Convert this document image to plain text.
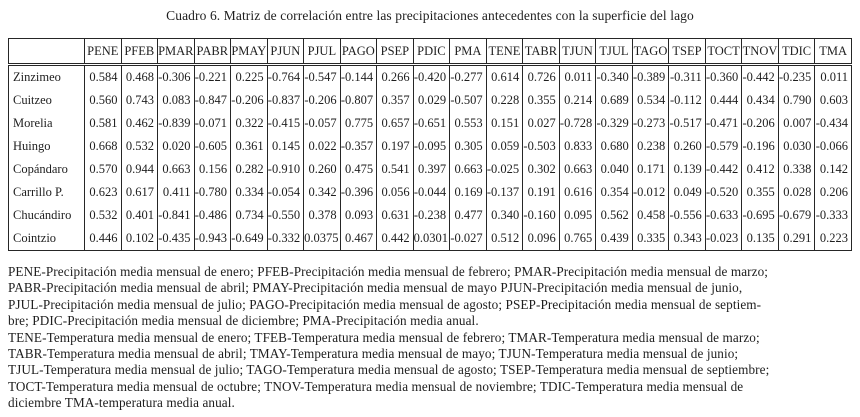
Cuadro 6. Matriz de correlación entre las precipitaciones antecedentes con la superficie del lago
	PENE	PFEB	PMAR	PABR	PMAY	PJUN	PJUL	PAGO	PSEP	PDIC	PMA	TENE	TABR	TJUN	TJUL	TAGO	TSEP	TOCT	TNOV	TDIC	TMA
Zinzimeo	0.584	0.468	-0.306	-0.221	0.225	-0.764	-0.547	-0.144	0.266	-0.420	-0.277	0.614	0.726	0.011	-0.340	-0.389	-0.311	-0.360	-0.442	-0.235	0.011
Cuitzeo	0.560	0.743	0.083	-0.847	-0.206	-0.837	-0.206	-0.807	0.357	0.029	-0.507	0.228	0.355	0.214	0.689	0.534	-0.112	0.444	0.434	0.790	0.603
Morelia	0.581	0.462	-0.839	-0.071	0.322	-0.415	-0.057	0.775	0.657	-0.651	0.553	0.151	0.027	-0.728	-0.329	-0.273	-0.517	-0.471	-0.206	0.007	-0.434
Huingo	0.668	0.532	0.020	-0.605	0.361	0.145	0.022	-0.357	0.197	-0.095	0.305	0.059	-0.503	0.833	0.680	0.238	0.260	-0.579	-0.196	0.030	-0.066
Copándaro	0.570	0.944	0.663	0.156	0.282	-0.910	0.260	0.475	0.541	0.397	0.663	-0.025	0.302	0.663	0.040	0.171	0.139	-0.442	0.412	0.338	0.142
Carrillo P.	0.623	0.617	0.411	-0.780	0.334	-0.054	0.342	-0.396	0.056	-0.044	0.169	-0.137	0.191	0.616	0.354	-0.012	0.049	-0.520	0.355	0.028	0.206
Chucándiro	0.532	0.401	-0.841	-0.486	0.734	-0.550	0.378	0.093	0.631	-0.238	0.477	0.340	-0.160	0.095	0.562	0.458	-0.556	-0.633	-0.695	-0.679	-0.333
Cointzio	0.446	0.102	-0.435	-0.943	-0.649	-0.332	0.0375	0.467	0.442	0.0301	-0.027	0.512	0.096	0.765	0.439	0.335	0.343	-0.023	0.135	0.291	0.223
PENE-Precipitación media mensual de enero; PFEB-Precipitación media mensual de febrero; PMAR-Precipitación media mensual de marzo;
PABR-Precipitación media mensual de abril; PMAY-Precipitación media mensual de mayo PJUN-Precipitación media mensual de junio,
PJUL-Precipitación media mensual de julio; PAGO-Precipitación media mensual de agosto; PSEP-Precipitación media mensual de septiem-
bre; PDIC-Precipitación media mensual de diciembre; PMA-Precipitación media anual.
TENE-Temperatura media mensual de enero; TFEB-Temperatura media mensual de febrero; TMAR-Temperatura media mensual de marzo;
TABR-Temperatura media mensual de abril; TMAY-Temperatura media mensual de mayo; TJUN-Temperatura media mensual de junio;
TJUL-Temperatura media mensual de julio; TAGO-Temperatura media mensual de agosto; TSEP-Temperatura media mensual de septiembre;
TOCT-Temperatura media mensual de octubre; TNOV-Temperatura media mensual de noviembre; TDIC-Temperatura media mensual de
diciembre TMA-temperatura media anual.
